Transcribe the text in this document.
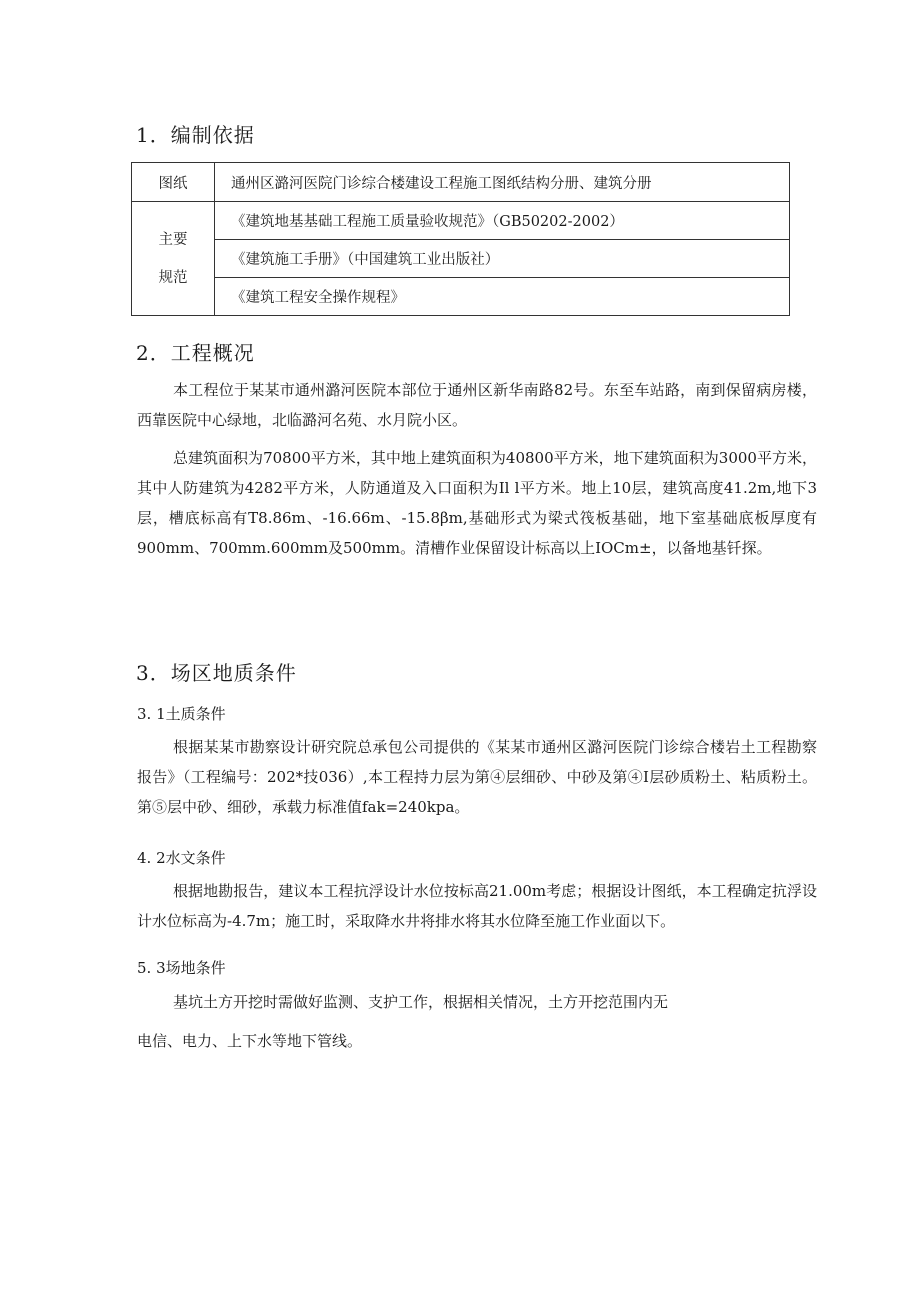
1．编制依据
图纸	通州区潞河医院门诊综合楼建设工程施工图纸结构分册、建筑分册

主要
规范	《建筑地基基础工程施工质量验收规范》（GB50202-2002）
	《建筑施工手册》（中国建筑工业出版社）
	《建筑工程安全操作规程》
2．工程概况

本工程位于某某市通州潞河医院本部位于通州区新华南路82号。东至车站路，南到保留病房楼，西靠医院中心绿地，北临潞河名苑、水月院小区。

总建筑面积为70800平方米，其中地上建筑面积为40800平方米，地下建筑面积为3000平方米，其中人防建筑为4282平方米，人防通道及入口面积为Il l平方米。地上10层，建筑高度41.2m,地下3层，槽底标高有T8.86m、-16.66m、-15.8βm,基础形式为梁式筏板基础，地下室基础底板厚度有900mm、700mm.600mm及500mm。清槽作业保留设计标高以上IOCm±，以备地基钎探。

3．场区地质条件
3. 1土质条件

根据某某市勘察设计研究院总承包公司提供的《某某市通州区潞河医院门诊综合楼岩土工程勘察报告》（工程编号：202*技036）,本工程持力层为第④层细砂、中砂及第④I层砂质粉土、粘质粉土。第⑤层中砂、细砂，承载力标准值fak=240kpa。

4. 2水文条件

根据地勘报告，建议本工程抗浮设计水位按标高21.00m考虑；根据设计图纸，本工程确定抗浮设计水位标高为-4.7m；施工时，采取降水井将排水将其水位降至施工作业面以下。

5. 3场地条件
基坑土方开挖时需做好监测、支护工作，根据相关情况，土方开挖范围内无
电信、电力、上下水等地下管线。
